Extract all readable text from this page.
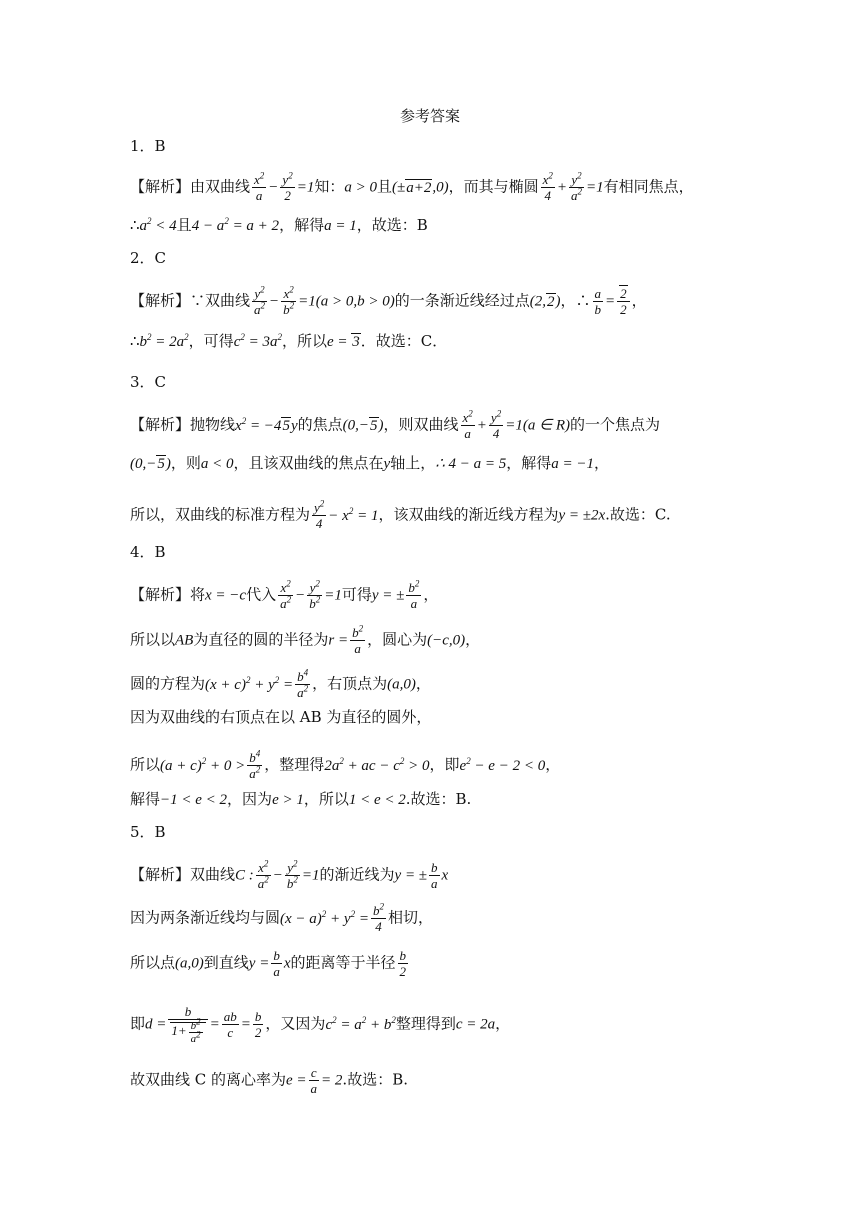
参考答案
1．B
【解析】由双曲线 $\frac{x^2}{a} - \frac{y^2}{2} =1$知：a > 0且(±a+2,0)，而其与椭圆 $\frac{x^2}{4} + \frac{y^2}{a^2} =1$有相同焦点，
$\therefore a^2 < 4$且$4 - a^2 = a + 2$，解得a = 1，故选：B
2．C
【解析】∵双曲线 $\frac{y^2}{a^2} - \frac{x^2}{b^2} =1(a > 0,b > 0)$的一条渐近线经过点(2,2)，∴ $\frac{a}{b} = \frac{2}{2}$ ，
$\therefore b^2 = 2a^2$，可得$c^2 = 3a^2$，所以e = 3．故选：C．
3．C
【解析】抛物线$x^2 = -45y$的焦点(0,−5)，则双曲线 $\frac{x^2}{a} + \frac{y^2}{4} =1(a$ ∈ R)的一个焦点为
(0,−5)，则a < 0，且该双曲线的焦点在y轴上，∴ 4 − a = 5，解得a = −1，
所以，双曲线的标准方程为 $\frac{y^2}{4} - x^2 = 1$，该双曲线的渐近线方程为y = ±2x.故选：C.
4．B
【解析】将x = −c代入 $\frac{x^2}{a^2} - \frac{y^2}{b^2} =1$可得y = ± $\frac{b^2}{a}$ ，
所以以AB为直径的圆的半径为$r = \frac{b^2}{a}$ ，圆心为(−c,0)，
圆的方程为$(x + c)^2 + y^2 = \frac{b^4}{a^2}$ ，右顶点为(a,0)，
因为双曲线的右顶点在以 AB 为直径的圆外，
所以$(a + c)^2 + 0 > \frac{b^4}{a^2}$ ，整理得$2a^2$ + ac − $c^2 > 0$，即$e^2 - e - 2 < 0$，
解得−1 < e < 2，因为e > 1，所以1 < e < 2.故选：B.
5．B
【解析】双曲线C : $\frac{x^2}{a^2} - \frac{y^2}{b^2} =1$的渐近线为y = ± $\frac{b}{a}$ x
因为两条渐近线均与圆$(x - a)^2 + y^2 = \frac{b^2}{4}$ 相切，
所以点(a,0)到直线$y = \frac{b}{a}$ x的距离等于半径 $\frac{b}{2}$
即$d = \frac{b}{1+ \frac{b^2}{a^2}} = \frac{ab}{c} = \frac{b}{2}$ ，又因为$c^2 = a^2 + b^2$整理得到c = 2a，
故双曲线 C 的离心率为$e = \frac{c}{a} = 2$.故选：B.
